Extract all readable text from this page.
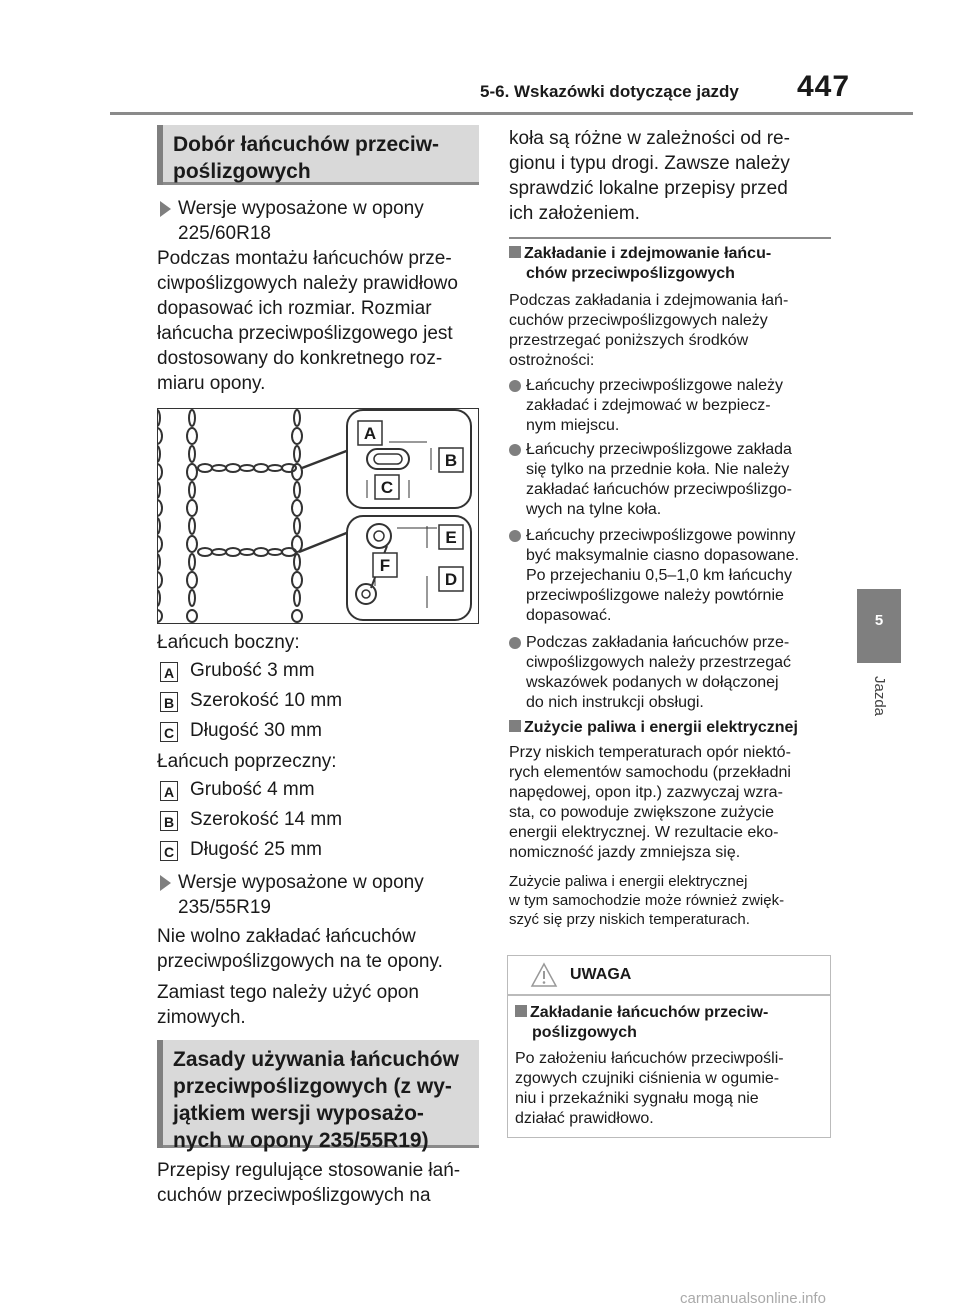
5-6. Wskazówki dotyczące jazdy 447
5
Jazda
Dobór łańcuchów przeciw-
poślizgowych
Wersje wyposażone w opony
225/60R18
Podczas montażu łańcuchów prze-
ciwpoślizgowych należy prawidłowo
dopasować ich rozmiar. Rozmiar
łańcucha przeciwpoślizgowego jest
dostosowany do konkretnego roz-
miaru opony.
A
B
C
E
F
D
Łańcuch boczny:
A Grubość 3 mm
B Szerokość 10 mm
C Długość 30 mm
Łańcuch poprzeczny:
A Grubość 4 mm
B Szerokość 14 mm
C Długość 25 mm
Wersje wyposażone w opony
235/55R19
Nie wolno zakładać łańcuchów
przeciwpoślizgowych na te opony.
Zamiast tego należy użyć opon
zimowych.
Zasady używania łańcuchów
przeciwpoślizgowych (z wy-
jątkiem wersji wyposażo-
nych w opony 235/55R19)
Przepisy regulujące stosowanie łań-
cuchów przeciwpoślizgowych na
koła są różne w zależności od re-
gionu i typu drogi. Zawsze należy
sprawdzić lokalne przepisy przed
ich założeniem.
Zakładanie i zdejmowanie łańcu-
chów przeciwpoślizgowych
Podczas zakładania i zdejmowania łań-
cuchów przeciwpoślizgowych należy
przestrzegać poniższych środków
ostrożności:
Łańcuchy przeciwpoślizgowe należy
zakładać i zdejmować w bezpiecz-
nym miejscu.
Łańcuchy przeciwpoślizgowe zakłada
się tylko na przednie koła. Nie należy
zakładać łańcuchów przeciwpoślizgo-
wych na tylne koła.
Łańcuchy przeciwpoślizgowe powinny
być maksymalnie ciasno dopasowane.
Po przejechaniu 0,5–1,0 km łańcuchy
przeciwpoślizgowe należy powtórnie
dopasować.
Podczas zakładania łańcuchów prze-
ciwpoślizgowych należy przestrzegać
wskazówek podanych w dołączonej
do nich instrukcji obsługi.
Zużycie paliwa i energii elektrycznej
Przy niskich temperaturach opór niektó-
rych elementów samochodu (przekładni
napędowej, opon itp.) zazwyczaj wzra-
sta, co powoduje zwiększone zużycie
energii elektrycznej. W rezultacie eko-
nomiczność jazdy zmniejsza się.
Zużycie paliwa i energii elektrycznej
w tym samochodzie może również zwięk-
szyć się przy niskich temperaturach.
UWAGA
Zakładanie łańcuchów przeciw-
poślizgowych
Po założeniu łańcuchów przeciwpośli-
zgowych czujniki ciśnienia w ogumie-
niu i przekaźniki sygnału mogą nie
działać prawidłowo.
carmanualsonline.info
